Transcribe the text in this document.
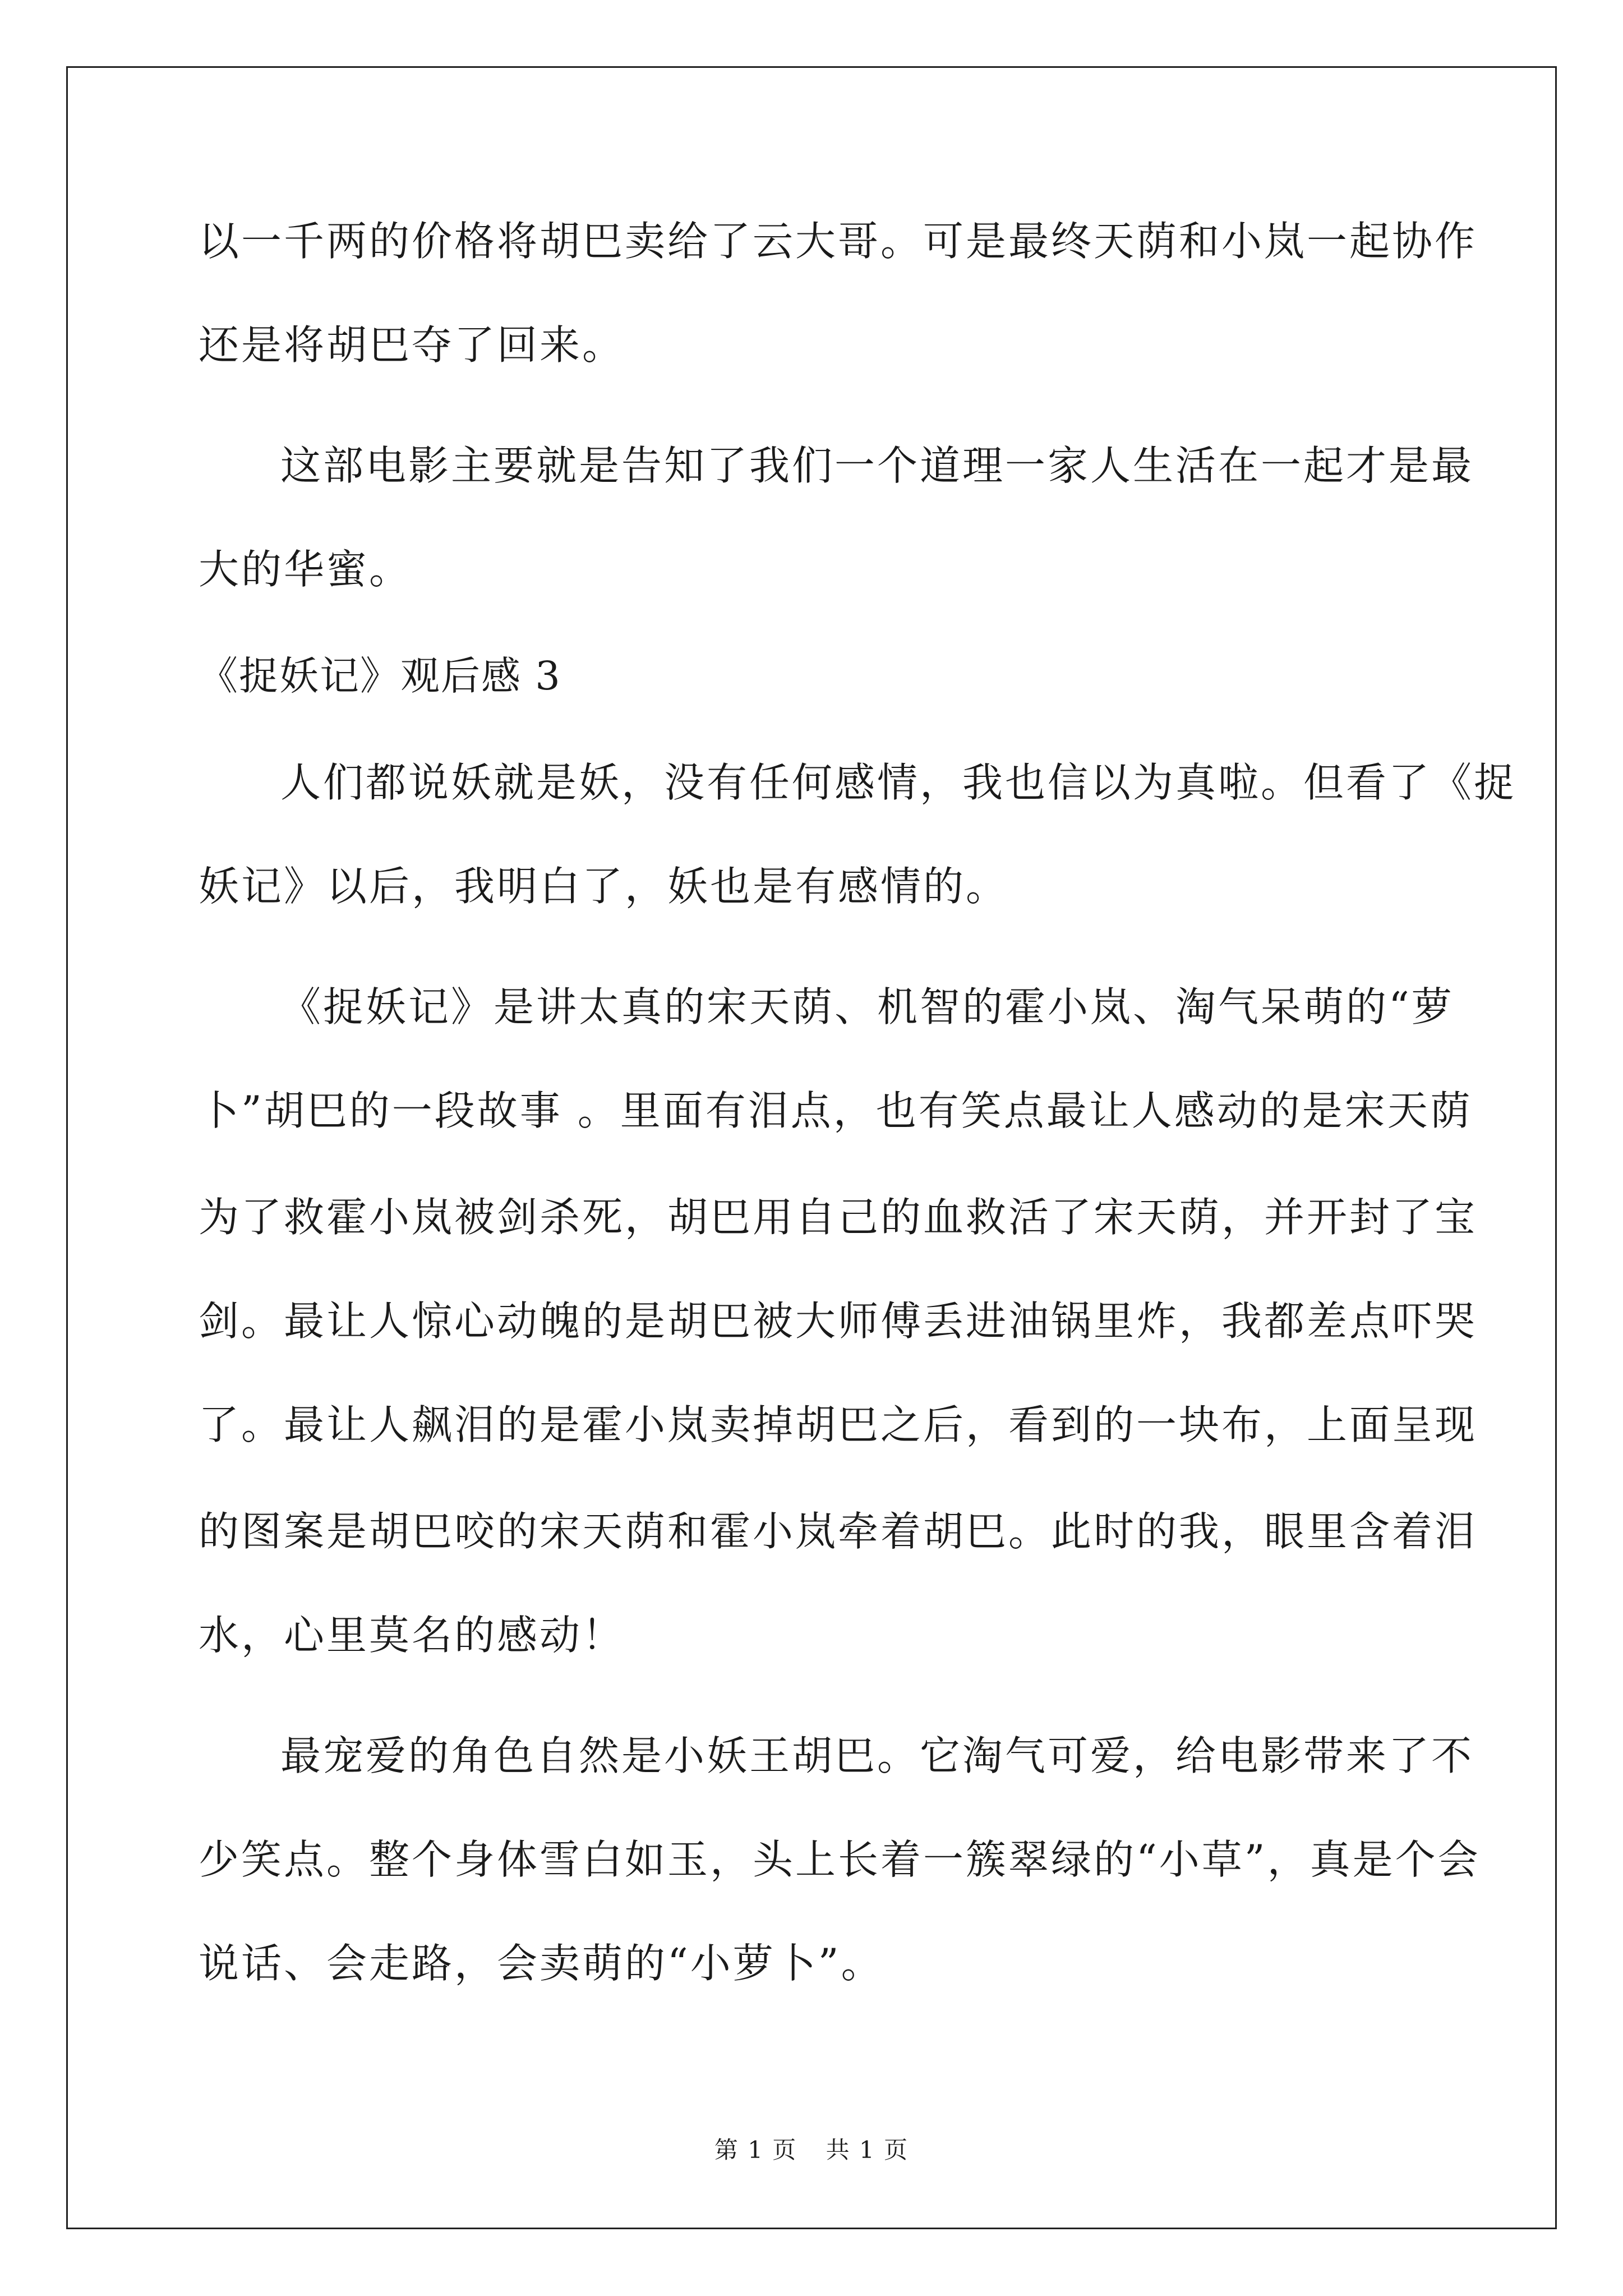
以一千两的价格将胡巴卖给了云大哥。可是最终天荫和小岚一起协作
还是将胡巴夺了回来。
这部电影主要就是告知了我们一个道理一家人生活在一起才是最
大的华蜜。
《捉妖记》观后感 3
人们都说妖就是妖，没有任何感情，我也信以为真啦。但看了《捉
妖记》以后，我明白了，妖也是有感情的。
《捉妖记》是讲太真的宋天荫、机智的霍小岚、淘气呆萌的“萝
卜”胡巴的一段故事 。里面有泪点，也有笑点最让人感动的是宋天荫
为了救霍小岚被剑杀死，胡巴用自己的血救活了宋天荫，并开封了宝
剑。最让人惊心动魄的是胡巴被大师傅丢进油锅里炸，我都差点吓哭
了。最让人飙泪的是霍小岚卖掉胡巴之后，看到的一块布，上面呈现
的图案是胡巴咬的宋天荫和霍小岚牵着胡巴。此时的我，眼里含着泪
水，心里莫名的感动！
最宠爱的角色自然是小妖王胡巴。它淘气可爱，给电影带来了不
少笑点。整个身体雪白如玉，头上长着一簇翠绿的“小草”，真是个会
说话、会走路，会卖萌的“小萝卜”。
第 1 页 共 1 页
